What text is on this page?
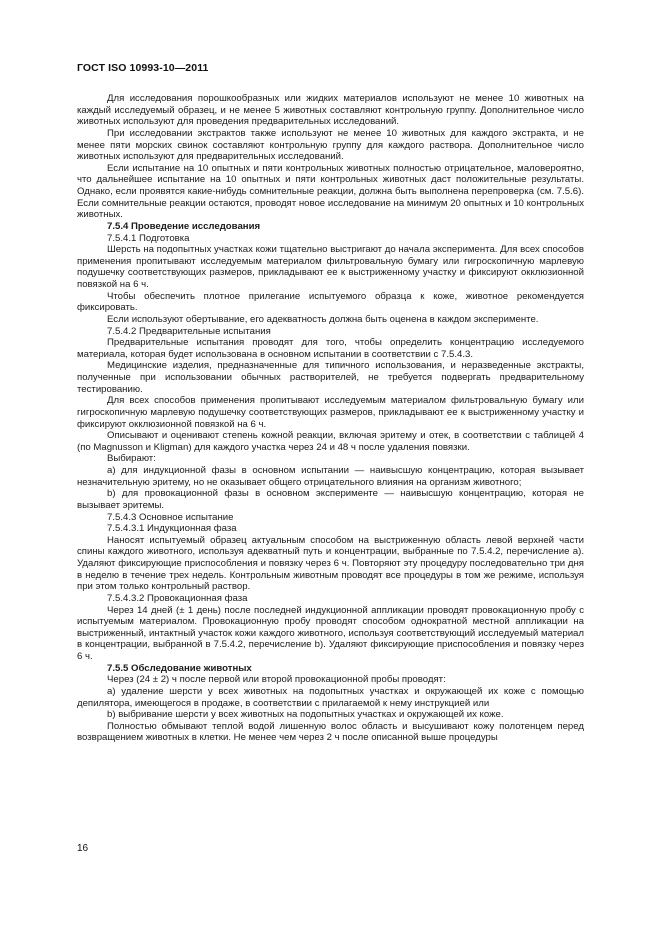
ГОСТ ISO 10993-10—2011

Для исследования порошкообразных или жидких материалов используют не менее 10 животных на каждый исследуемый образец, и не менее 5 животных составляют контрольную группу. Дополнительное число животных используют для проведения предварительных исследований.

При исследовании экстрактов также используют не менее 10 животных для каждого экстракта, и не менее пяти морских свинок составляют контрольную группу для каждого раствора. Дополнительное число животных используют для предварительных исследований.

Если испытание на 10 опытных и пяти контрольных животных полностью отрицательное, маловероятно, что дальнейшее испытание на 10 опытных и пяти контрольных животных даст положительные результаты. Однако, если проявятся какие-нибудь сомнительные реакции, должна быть выполнена перепроверка (см. 7.5.6). Если сомнительные реакции остаются, проводят новое исследование на минимум 20 опытных и 10 контрольных животных.

7.5.4 Проведение исследования

7.5.4.1 Подготовка

Шерсть на подопытных участках кожи тщательно выстригают до начала эксперимента. Для всех способов применения пропитывают исследуемым материалом фильтровальную бумагу или гигроскопичную марлевую подушечку соответствующих размеров, прикладывают ее к выстриженному участку и фиксируют окклюзионной повязкой на 6 ч.

Чтобы обеспечить плотное прилегание испытуемого образца к коже, животное рекомендуется фиксировать.

Если используют обертывание, его адекватность должна быть оценена в каждом эксперименте.

7.5.4.2 Предварительные испытания

Предварительные испытания проводят для того, чтобы определить концентрацию исследуемого материала, которая будет использована в основном испытании в соответствии с 7.5.4.3.

Медицинские изделия, предназначенные для типичного использования, и неразведенные экстракты, полученные при использовании обычных растворителей, не требуется подвергать предварительному тестированию.

Для всех способов применения пропитывают исследуемым материалом фильтровальную бумагу или гигроскопичную марлевую подушечку соответствующих размеров, прикладывают ее к выстриженному участку и фиксируют окклюзионной повязкой на 6 ч.

Описывают и оценивают степень кожной реакции, включая эритему и отек, в соответствии с таблицей 4 (по Magnusson и Kligman) для каждого участка через 24 и 48 ч после удаления повязки.

Выбирают:

а) для индукционной фазы в основном испытании — наивысшую концентрацию, которая вызывает незначительную эритему, но не оказывает общего отрицательного влияния на организм животного;

b) для провокационной фазы в основном эксперименте — наивысшую концентрацию, которая не вызывает эритемы.

7.5.4.3 Основное испытание

7.5.4.3.1 Индукционная фаза

Наносят испытуемый образец актуальным способом на выстриженную область левой верхней части спины каждого животного, используя адекватный путь и концентрации, выбранные по 7.5.4.2, перечисление а). Удаляют фиксирующие приспособления и повязку через 6 ч. Повторяют эту процедуру последовательно три дня в неделю в течение трех недель. Контрольным животным проводят все процедуры в том же режиме, используя при этом только контрольный раствор.

7.5.4.3.2 Провокационная фаза

Через 14 дней (± 1 день) после последней индукционной аппликации проводят провокационную пробу с испытуемым материалом. Провокационную пробу проводят способом однократной местной аппликации на выстриженный, интактный участок кожи каждого животного, используя соответствующий исследуемый материал в концентрации, выбранной в 7.5.4.2, перечисление b). Удаляют фиксирующие приспособления и повязку через 6 ч.

7.5.5 Обследование животных

Через (24 ± 2) ч после первой или второй провокационной пробы проводят:

а) удаление шерсти у всех животных на подопытных участках и окружающей их коже с помощью депилятора, имеющегося в продаже, в соответствии с прилагаемой к нему инструкцией или

b) выбривание шерсти у всех животных на подопытных участках и окружающей их коже.

Полностью обмывают теплой водой лишенную волос область и высушивают кожу полотенцем перед возвращением животных в клетки. Не менее чем через 2 ч после описанной выше процедуры

16
